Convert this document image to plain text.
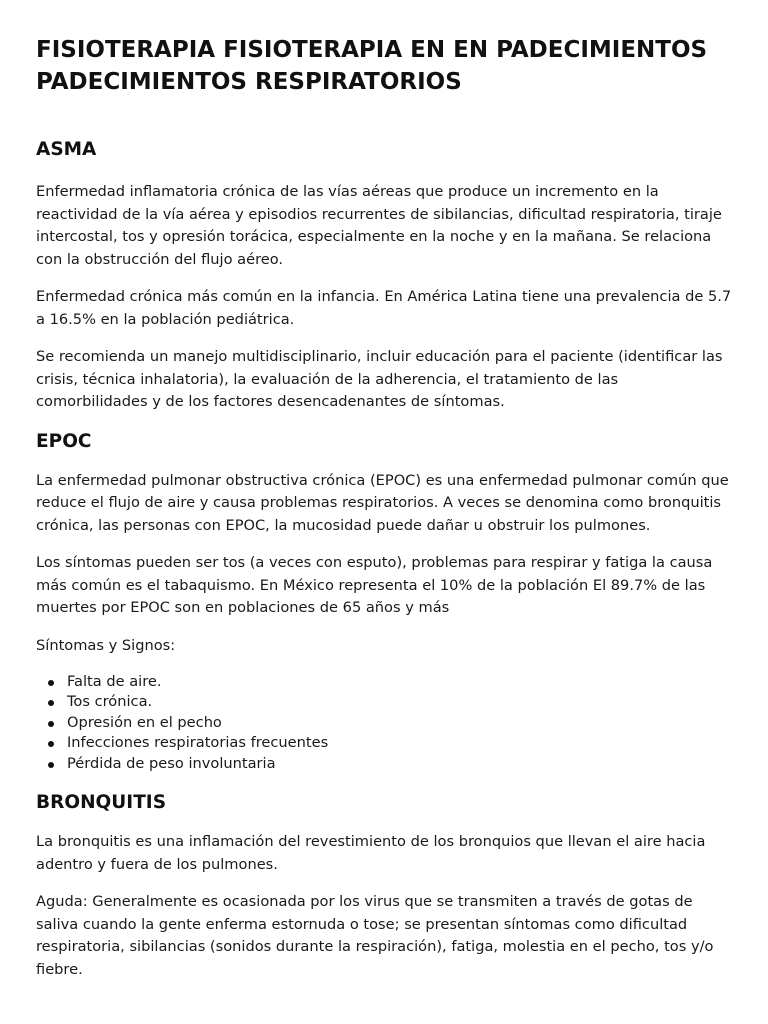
FISIOTERAPIA FISIOTERAPIA EN EN PADECIMIENTOS PADECIMIENTOS RESPIRATORIOS
ASMA

Enfermedad inflamatoria crónica de las vías aéreas que produce un incremento en la reactividad de la vía aérea y episodios recurrentes de sibilancias, dificultad respiratoria, tiraje intercostal, tos y opresión torácica, especialmente en la noche y en la mañana. Se relaciona con la obstrucción del flujo aéreo.

Enfermedad crónica más común en la infancia. En América Latina tiene una prevalencia de 5.7 a 16.5% en la población pediátrica.

Se recomienda un manejo multidisciplinario, incluir educación para el paciente (identificar las crisis, técnica inhalatoria), la evaluación de la adherencia, el tratamiento de las comorbilidades y de los factores desencadenantes de síntomas.

EPOC

La enfermedad pulmonar obstructiva crónica (EPOC) es una enfermedad pulmonar común que reduce el flujo de aire y causa problemas respiratorios. A veces se denomina como bronquitis crónica, las personas con EPOC, la mucosidad puede dañar u obstruir los pulmones.

Los síntomas pueden ser tos (a veces con esputo), problemas para respirar y fatiga la causa más común es el tabaquismo. En México representa el 10% de la población El 89.7% de las muertes por EPOC son en poblaciones de 65 años y más

Síntomas y Signos:

Falta de aire.
Tos crónica.
Opresión en el pecho
Infecciones respiratorias frecuentes
Pérdida de peso involuntaria
BRONQUITIS

La bronquitis es una inflamación del revestimiento de los bronquios que llevan el aire hacia adentro y fuera de los pulmones.

Aguda: Generalmente es ocasionada por los virus que se transmiten a través de gotas de saliva cuando la gente enferma estornuda o tose; se presentan síntomas como dificultad respiratoria, sibilancias (sonidos durante la respiración), fatiga, molestia en el pecho, tos y/o fiebre.
